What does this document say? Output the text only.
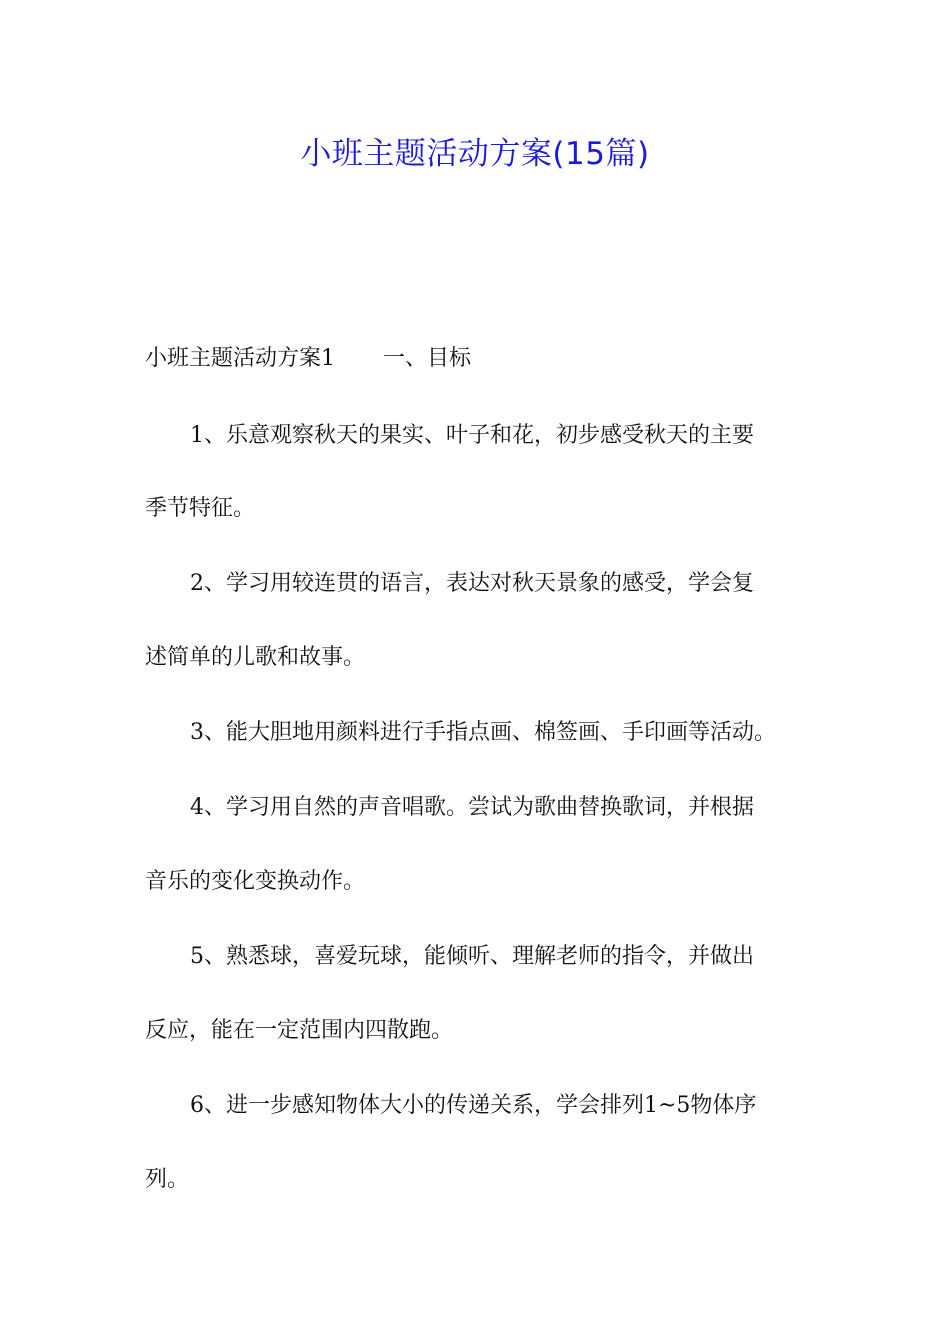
小班主题活动方案(15篇)
小班主题活动方案1 一、目标
1、乐意观察秋天的果实、叶子和花，初步感受秋天的主要
季节特征。
2、学习用较连贯的语言，表达对秋天景象的感受，学会复
述简单的儿歌和故事。
3、能大胆地用颜料进行手指点画、棉签画、手印画等活动。
4、学习用自然的声音唱歌。尝试为歌曲替换歌词，并根据
音乐的变化变换动作。
5、熟悉球，喜爱玩球，能倾听、理解老师的指令，并做出
反应，能在一定范围内四散跑。
6、进一步感知物体大小的传递关系，学会排列1~5物体序
列。
